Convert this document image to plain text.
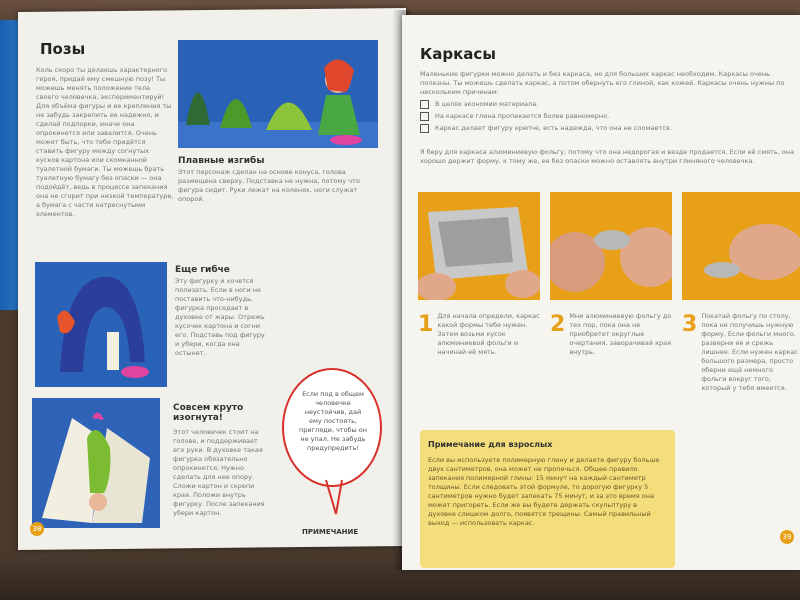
Позы
Коль скоро ты делаешь характерного героя, придай ему смешную позу! Ты можешь менять положение тела своего человечка, экспериментируй! Для объёма фигуры и ее крепления ты не забудь закрепить ее надежно, и сделай подпорки, иначе она опрокинется или завалится. Очень может быть, что тебе придётся ставить фигуру между согнутых кусков картона или скомканной туалетной бумаги. Ты можешь брать туалетную бумагу без опаски — она подойдёт, ведь в процессе запекания она не сгорит при низкой температуре, а бумага с части натреснутыми элементов.
Плавные изгибы
Этот персонаж сделан на основе конуса, голова размещена сверху. Подставка не нужна, потому что фигура сидит. Руки лежат на коленях, ноги служат опорой.
Еще гибче
Эту фигурку и хочется полизать. Если в ноги не поставить что-нибудь, фигурка проседает в духовке от жары. Отрежь кусочек картона и согни его. Подставь под фигуру и убери, когда она остынет.
Совсем круто изогнута!
Этот человечек стоит на голове, и поддерживает его руки. В духовке такая фигурка обязательно опрокинется. Нужно сделать для нее опору. Сложи картон и скрепи края. Положи внутрь фигурку. После запекания убери картон.
Если под в общем человечке неустойчив, дай ему постоять, пригляди, чтобы он не упал. Не забудь предупредить!
ПРИМЕЧАНИЕ
38
Каркасы
Маленькие фигурки можно делать и без каркаса, но для больших каркас необходим. Каркасы очень полезны. Ты можешь сделать каркас, а потом обернуть его глиной, как кожей. Каркасы очень нужны по нескольким причинам:
В целях экономии материала.
На каркасе глина пропекается более равномерно.
Каркас делает фигуру крепче, есть надежда, что она не сломается.
Я беру для каркаса алюминиевую фольгу, потому что она недорогая и везде продается. Если её смять, она хорошо держит форму, к тому же, ее без опаски можно оставлять внутри глиняного человечка.
1 Для начала определи, каркас какой формы тебе нужен. Затем возьми кусок алюминиевой фольги и начинай её мять.
2 Мни алюминиевую фольгу до тех пор, пока она не приобретет округлые очертания, заворачивай края внутрь.
3 Покатай фольгу по столу, пока не получишь нужную форму. Если фольги много, разверни ее и срежь лишнее. Если нужен каркас большого размера, просто оберни ещё немного фольги вокруг того, который у тебя имеется.
Примечание для взрослых
Если вы используете полимерную глину и делаете фигуру больше двух сантиметров, она может не пропечься. Общее правило запекания полимерной глины: 15 минут на каждый сантиметр толщины. Если следовать этой формуле, то дорогую фигурку 5 сантиметров нужно будет запекать 75 минут, и за это время она может пригореть. Если же вы будете держать скульптуру в духовке слишком долго, появятся трещины. Самый правильный выход — использовать каркас.
39
